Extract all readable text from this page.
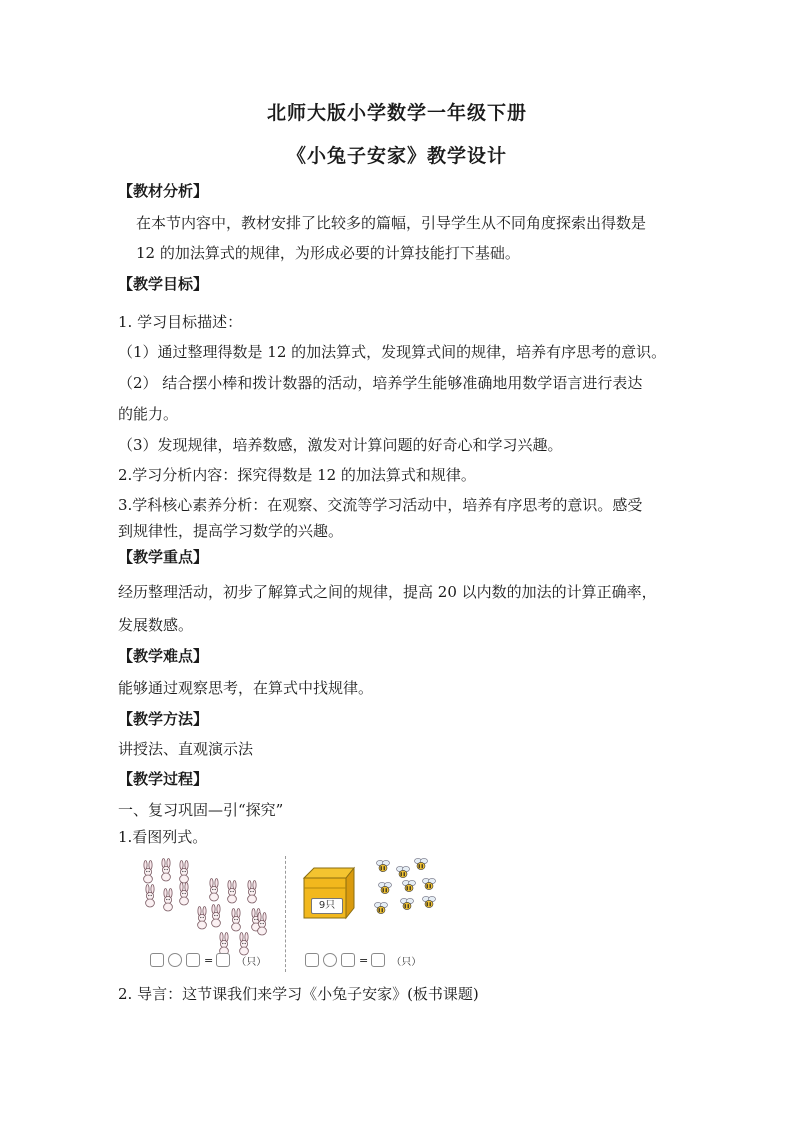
北师大版小学数学一年级下册
《小兔子安家》教学设计
【教材分析】
在本节内容中，教材安排了比较多的篇幅，引导学生从不同角度探索出得数是
12 的加法算式的规律，为形成必要的计算技能打下基础。
【教学目标】
1. 学习目标描述：
（1）通过整理得数是 12 的加法算式，发现算式间的规律，培养有序思考的意识。
（2） 结合摆小棒和拨计数器的活动，培养学生能够准确地用数学语言进行表达
的能力。
（3）发现规律，培养数感，激发对计算问题的好奇心和学习兴趣。
2.学习分析内容：探究得数是 12 的加法算式和规律。
3.学科核心素养分析：在观察、交流等学习活动中，培养有序思考的意识。感受
到规律性，提高学习数学的兴趣。
【教学重点】
经历整理活动，初步了解算式之间的规律，提高 20 以内数的加法的计算正确率，
发展数感。
【教学难点】
能够通过观察思考，在算式中找规律。
【教学方法】
讲授法、直观演示法
【教学过程】
一、复习巩固—引“探究”
1.看图列式。
9只
= （只）	= （只）
2. 导言：这节课我们来学习《小兔子安家》(板书课题)
